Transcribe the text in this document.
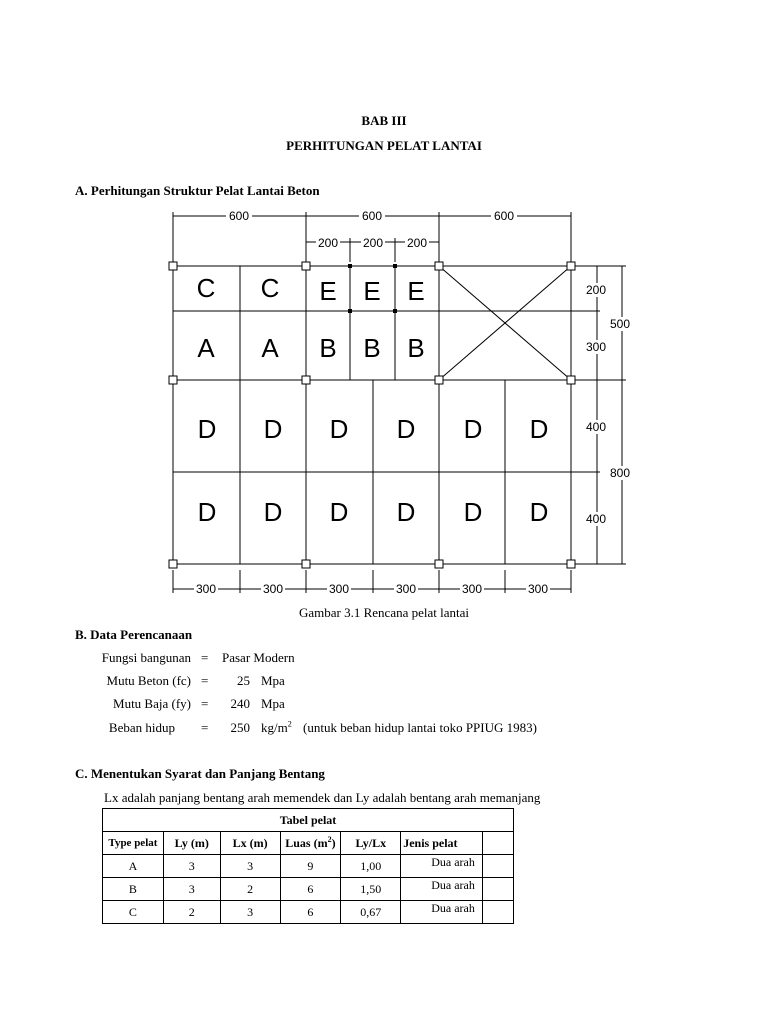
BAB III
PERHITUNGAN PELAT LANTAI
A. Perhitungan Struktur Pelat Lantai Beton
600	600	600
200 200 200
300	300	300	300	300	300
200
300
400
400
500
800
C C E E E
A A B B B
D D D D D D
D D D D D D
Gambar 3.1 Rencana pelat lantai
B. Data Perencanaan
Fungsi bangunan = Pasar Modern
Mutu Beton (fc) =	25 Mpa
Mutu Baja (fy) =	240 Mpa
Beban hidup =	250 $kg/m^2$ (untuk beban hidup lantai toko PPIUG 1983)
C. Menentukan Syarat dan Panjang Bentang
Lx adalah panjang bentang arah memendek dan Ly adalah bentang arah memanjang
Tabel pelat						
Type pelat	Ly (m)	Lx (m)	Luas $(m^2)$	Ly/Lx	Jenis pelat	
A	3	3	9	1,00	Dua arah	
B	3	2	6	1,50	Dua arah	
C	2	3	6	0,67	Dua arah	
